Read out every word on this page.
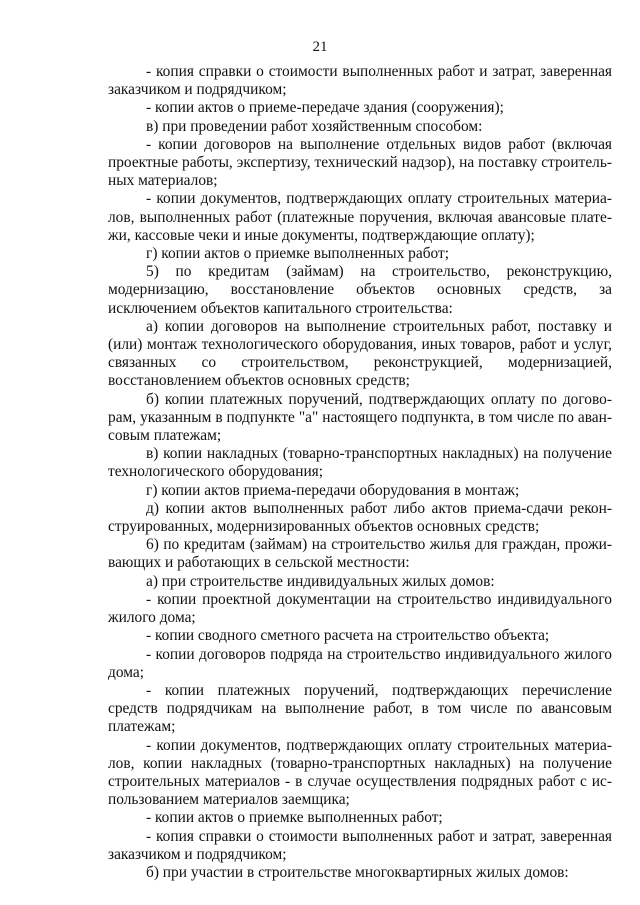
21

- копия справки о стоимости выполненных работ и затрат, заверенная заказчиком и подрядчиком;

- копии актов о приеме-передаче здания (сооружения);

в) при проведении работ хозяйственным способом:

- копии договоров на выполнение отдельных видов работ (включая проектные работы, экспертизу, технический надзор), на поставку строительных материалов;

- копии документов, подтверждающих оплату строительных материалов, выполненных работ (платежные поручения, включая авансовые платежи, кассовые чеки и иные документы, подтверждающие оплату);

г) копии актов о приемке выполненных работ;

5) по кредитам (займам) на строительство, реконструкцию, модернизацию, восстановление объектов основных средств, за исключением объектов капитального строительства:

а) копии договоров на выполнение строительных работ, поставку и (или) монтаж технологического оборудования, иных товаров, работ и услуг, связанных со строительством, реконструкцией, модернизацией, восстановлением объектов основных средств;

б) копии платежных поручений, подтверждающих оплату по договорам, указанным в подпункте "а" настоящего подпункта, в том числе по авансовым платежам;

в) копии накладных (товарно-транспортных накладных) на получение технологического оборудования;

г) копии актов приема-передачи оборудования в монтаж;

д) копии актов выполненных работ либо актов приема-сдачи реконструированных, модернизированных объектов основных средств;

6) по кредитам (займам) на строительство жилья для граждан, проживающих и работающих в сельской местности:

а) при строительстве индивидуальных жилых домов:

- копии проектной документации на строительство индивидуального жилого дома;

- копии сводного сметного расчета на строительство объекта;

- копии договоров подряда на строительство индивидуального жилого дома;

- копии платежных поручений, подтверждающих перечисление средств подрядчикам на выполнение работ, в том числе по авансовым платежам;

- копии документов, подтверждающих оплату строительных материалов, копии накладных (товарно-транспортных накладных) на получение строительных материалов - в случае осуществления подрядных работ с использованием материалов заемщика;

- копии актов о приемке выполненных работ;

- копия справки о стоимости выполненных работ и затрат, заверенная заказчиком и подрядчиком;

б) при участии в строительстве многоквартирных жилых домов:
